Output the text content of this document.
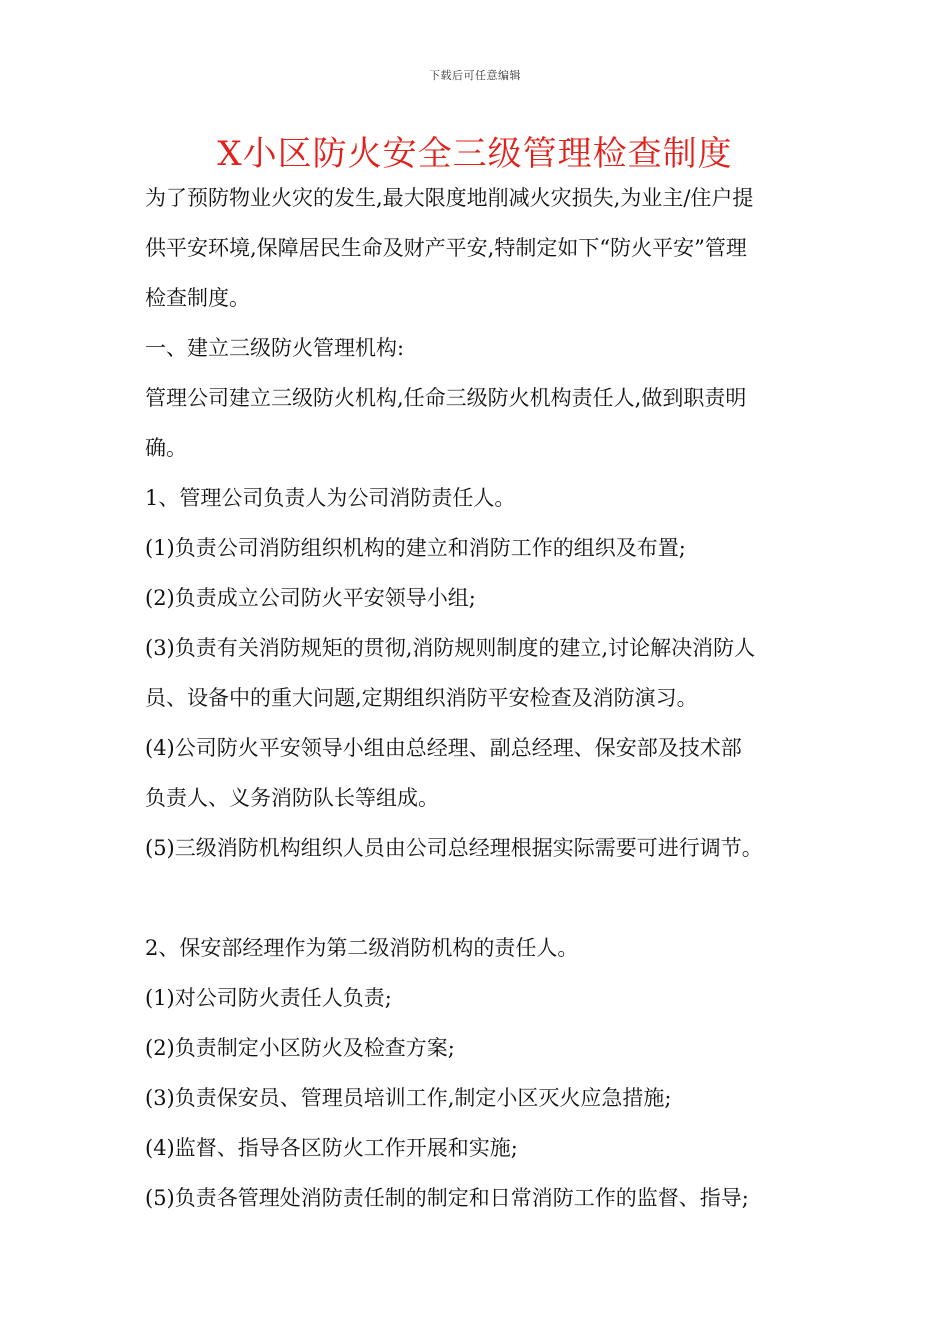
下载后可任意编辑
X小区防火安全三级管理检查制度
为了预防物业火灾的发生,最大限度地削减火灾损失,为业主/住户提
供平安环境,保障居民生命及财产平安,特制定如下“防火平安”管理
检查制度。
一、建立三级防火管理机构:
管理公司建立三级防火机构,任命三级防火机构责任人,做到职责明
确。
1、管理公司负责人为公司消防责任人。
(1)负责公司消防组织机构的建立和消防工作的组织及布置;
(2)负责成立公司防火平安领导小组;
(3)负责有关消防规矩的贯彻,消防规则制度的建立,讨论解决消防人
员、设备中的重大问题,定期组织消防平安检查及消防演习。
(4)公司防火平安领导小组由总经理、副总经理、保安部及技术部
负责人、义务消防队长等组成。
(5)三级消防机构组织人员由公司总经理根据实际需要可进行调节。
2、保安部经理作为第二级消防机构的责任人。
(1)对公司防火责任人负责;
(2)负责制定小区防火及检查方案;
(3)负责保安员、管理员培训工作,制定小区灭火应急措施;
(4)监督、指导各区防火工作开展和实施;
(5)负责各管理处消防责任制的制定和日常消防工作的监督、指导;
